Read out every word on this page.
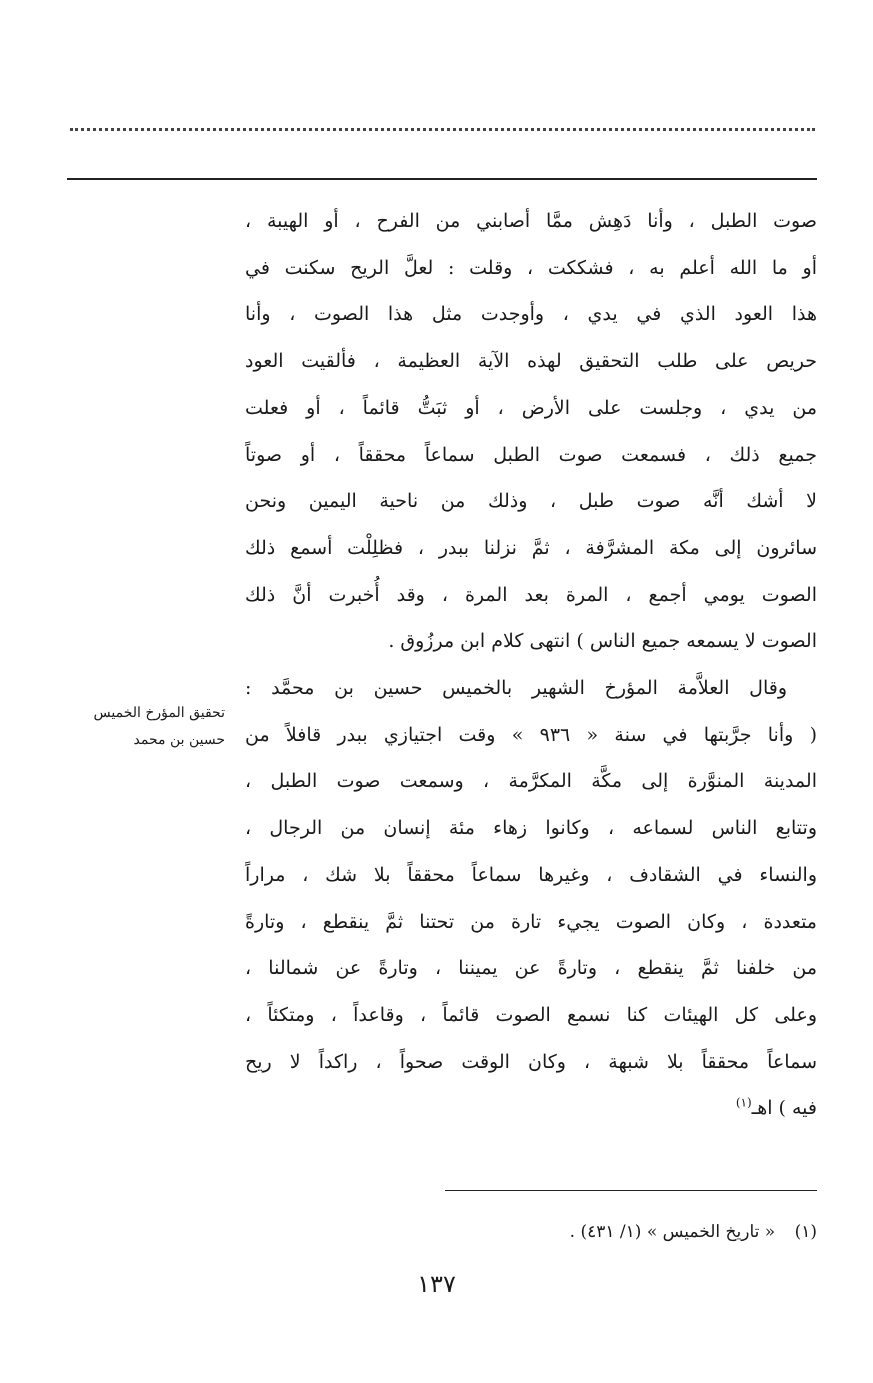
صوت الطبل ، وأنا دَهِش ممَّا أصابني من الفرح ، أو الهيبة ،
أو ما الله أعلم به ، فشككت ، وقلت : لعلَّ الريح سكنت في
هذا العود الذي في يدي ، وأوجدت مثل هذا الصوت ، وأنا
حريص على طلب التحقيق لهذه الآية العظيمة ، فألقيت العود
من يدي ، وجلست على الأرض ، أو ثبَتُّ قائماً ، أو فعلت
جميع ذلك ، فسمعت صوت الطبل سماعاً محققاً ، أو صوتاً
لا أشك أنَّه صوت طبل ، وذلك من ناحية اليمين ونحن
سائرون إلى مكة المشرَّفة ، ثمَّ نزلنا ببدر ، فظلِلْت أسمع ذلك
الصوت يومي أجمع ، المرة بعد المرة ، وقد أُخبرت أنَّ ذلك
الصوت لا يسمعه جميع الناس ) انتهى كلام ابن مرزُوق .
وقال العلاَّمة المؤرخ الشهير بالخميس حسين بن محمَّد :
( وأنا جرَّبتها في سنة « ٩٣٦ » وقت اجتيازي ببدر قافلاً من
المدينة المنوَّرة إلى مكَّة المكرَّمة ، وسمعت صوت الطبل ،
وتتابع الناس لسماعه ، وكانوا زهاء مئة إنسان من الرجال ،
والنساء في الشقادف ، وغيرها سماعاً محققاً بلا شك ، مراراً
متعددة ، وكان الصوت يجيء تارة من تحتنا ثمَّ ينقطع ، وتارةً
من خلفنا ثمَّ ينقطع ، وتارةً عن يميننا ، وتارةً عن شمالنا ،
وعلى كل الهيئات كنا نسمع الصوت قائماً ، وقاعداً ، ومتكئاً ،
سماعاً محققاً بلا شبهة ، وكان الوقت صحواً ، راكداً لا ريح
فيه ) اهـ$^{(١)}$
تحقيق المؤرخ الخميس
حسين بن محمد
(١) « تاريخ الخميس » (١/ ٤٣١) .
١٣٧
